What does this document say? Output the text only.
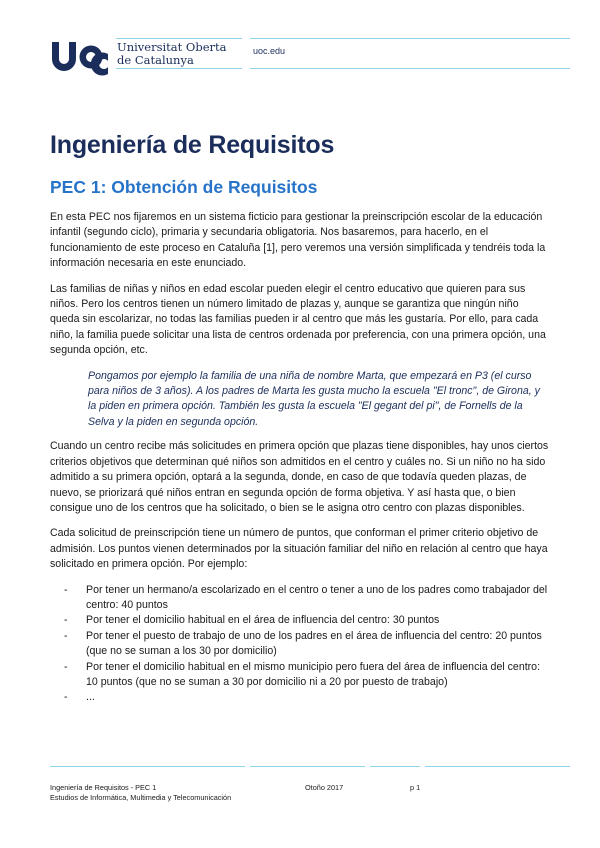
Universitat Oberta
de Catalunya
uoc.edu
Ingeniería de Requisitos
PEC 1: Obtención de Requisitos

En esta PEC nos fijaremos en un sistema ficticio para gestionar la preinscripción escolar de la educación infantil (segundo ciclo), primaria y secundaria obligatoria. Nos basaremos, para hacerlo, en el funcionamiento de este proceso en Cataluña [1], pero veremos una versión simplificada y tendréis toda la información necesaria en este enunciado.

Las familias de niñas y niños en edad escolar pueden elegir el centro educativo que quieren para sus niños. Pero los centros tienen un número limitado de plazas y, aunque se garantiza que ningún niño queda sin escolarizar, no todas las familias pueden ir al centro que más les gustaría. Por ello, para cada niño, la familia puede solicitar una lista de centros ordenada por preferencia, con una primera opción, una segunda opción, etc.

Pongamos por ejemplo la familia de una niña de nombre Marta, que empezará en P3 (el curso para niños de 3 años). A los padres de Marta les gusta mucho la escuela "El tronc", de Girona, y la piden en primera opción. También les gusta la escuela "El gegant del pi", de Fornells de la Selva y la piden en segunda opción.

Cuando un centro recibe más solicitudes en primera opción que plazas tiene disponibles, hay unos ciertos criterios objetivos que determinan qué niños son admitidos en el centro y cuáles no. Si un niño no ha sido admitido a su primera opción, optará a la segunda, donde, en caso de que todavía queden plazas, de nuevo, se priorizará qué niños entran en segunda opción de forma objetiva. Y así hasta que, o bien consigue uno de los centros que ha solicitado, o bien se le asigna otro centro con plazas disponibles.

Cada solicitud de preinscripción tiene un número de puntos, que conforman el primer criterio objetivo de admisión. Los puntos vienen determinados por la situación familiar del niño en relación al centro que haya solicitado en primera opción. Por ejemplo:

- Por tener un hermano/a escolarizado en el centro o tener a uno de los padres como trabajador del centro: 40 puntos
- Por tener el domicilio habitual en el área de influencia del centro: 30 puntos
- Por tener el puesto de trabajo de uno de los padres en el área de influencia del centro: 20 puntos (que no se suman a los 30 por domicilio)
- Por tener el domicilio habitual en el mismo municipio pero fuera del área de influencia del centro: 10 puntos (que no se suman a 30 por domicilio ni a 20 por puesto de trabajo)
- ...
Ingeniería de Requisitos - PEC 1
Estudios de Informática, Multimedia y Telecomunicación
Otoño 2017	p 1
